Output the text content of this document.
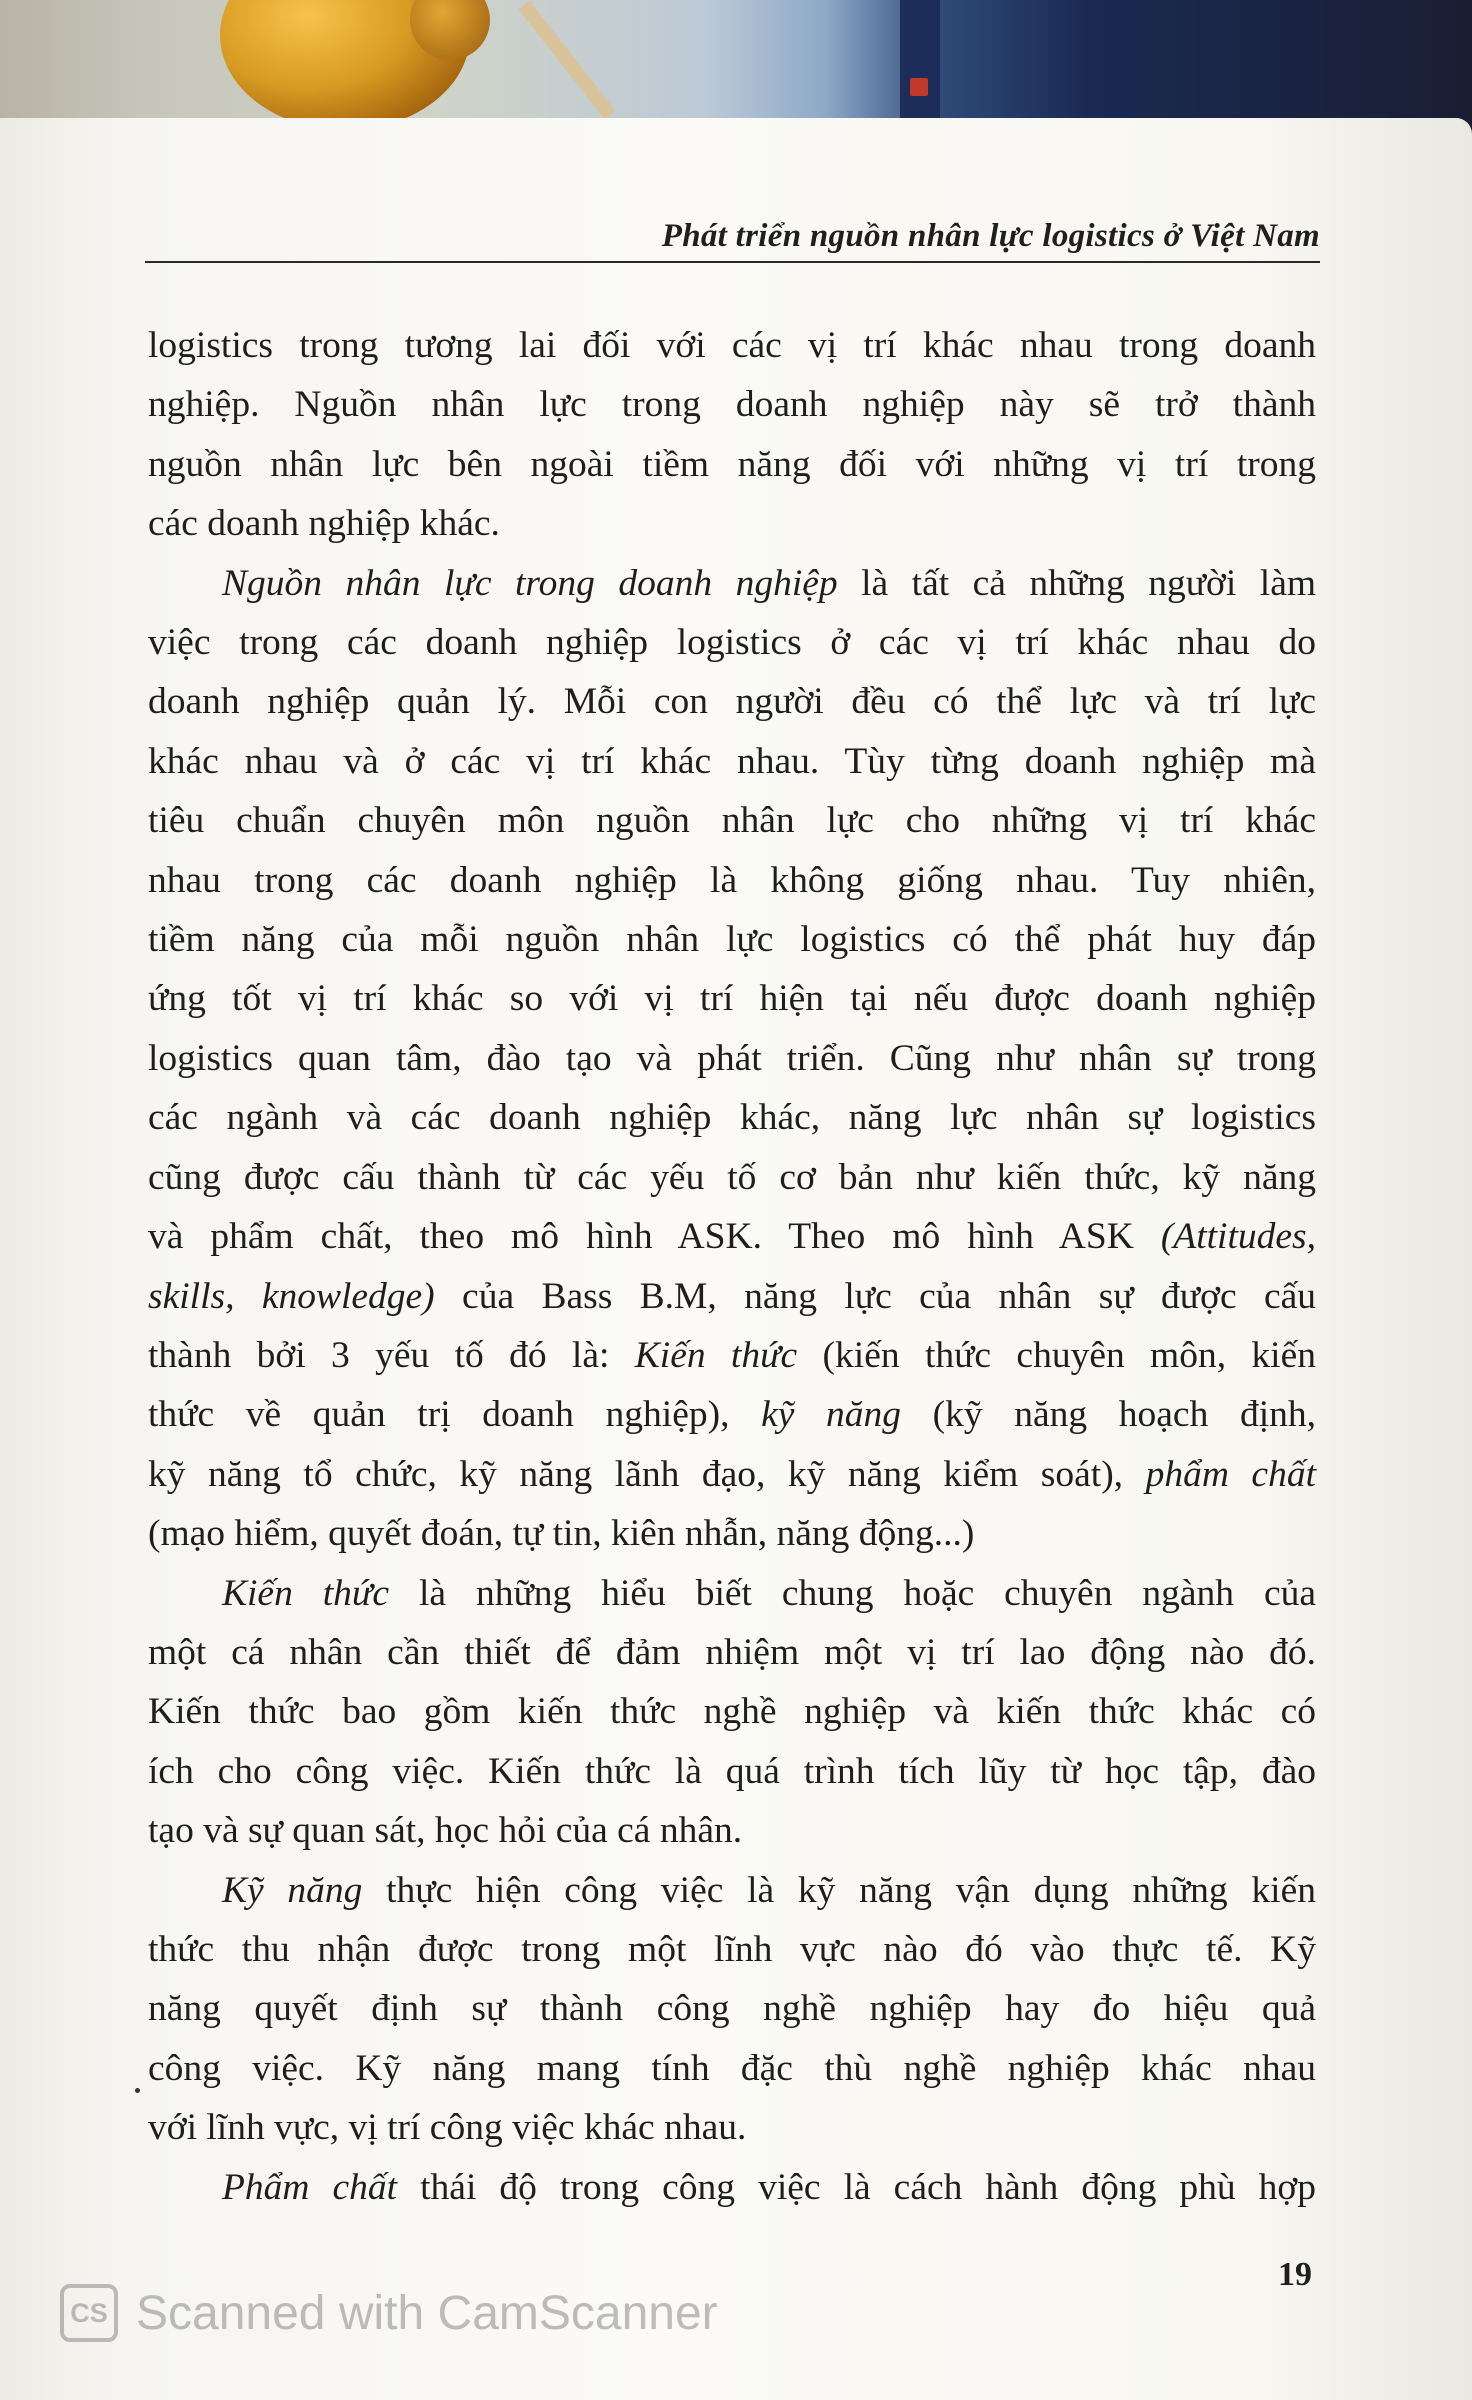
Phát triển nguồn nhân lực logistics ở Việt Nam
logistics trong tương lai đối với các vị trí khác nhau trong doanh
nghiệp. Nguồn nhân lực trong doanh nghiệp này sẽ trở thành
nguồn nhân lực bên ngoài tiềm năng đối với những vị trí trong
các doanh nghiệp khác.
Nguồn nhân lực trong doanh nghiệp là tất cả những người làm
việc trong các doanh nghiệp logistics ở các vị trí khác nhau do
doanh nghiệp quản lý. Mỗi con người đều có thể lực và trí lực
khác nhau và ở các vị trí khác nhau. Tùy từng doanh nghiệp mà
tiêu chuẩn chuyên môn nguồn nhân lực cho những vị trí khác
nhau trong các doanh nghiệp là không giống nhau. Tuy nhiên,
tiềm năng của mỗi nguồn nhân lực logistics có thể phát huy đáp
ứng tốt vị trí khác so với vị trí hiện tại nếu được doanh nghiệp
logistics quan tâm, đào tạo và phát triển. Cũng như nhân sự trong
các ngành và các doanh nghiệp khác, năng lực nhân sự logistics
cũng được cấu thành từ các yếu tố cơ bản như kiến thức, kỹ năng
và phẩm chất, theo mô hình ASK. Theo mô hình ASK (Attitudes,
skills, knowledge) của Bass B.M, năng lực của nhân sự được cấu
thành bởi 3 yếu tố đó là: Kiến thức (kiến thức chuyên môn, kiến
thức về quản trị doanh nghiệp), kỹ năng (kỹ năng hoạch định,
kỹ năng tổ chức, kỹ năng lãnh đạo, kỹ năng kiểm soát), phẩm chất
(mạo hiểm, quyết đoán, tự tin, kiên nhẫn, năng động...)
Kiến thức là những hiểu biết chung hoặc chuyên ngành của
một cá nhân cần thiết để đảm nhiệm một vị trí lao động nào đó.
Kiến thức bao gồm kiến thức nghề nghiệp và kiến thức khác có
ích cho công việc. Kiến thức là quá trình tích lũy từ học tập, đào
tạo và sự quan sát, học hỏi của cá nhân.
Kỹ năng thực hiện công việc là kỹ năng vận dụng những kiến
thức thu nhận được trong một lĩnh vực nào đó vào thực tế. Kỹ
năng quyết định sự thành công nghề nghiệp hay đo hiệu quả
công việc. Kỹ năng mang tính đặc thù nghề nghiệp khác nhau
với lĩnh vực, vị trí công việc khác nhau.
Phẩm chất thái độ trong công việc là cách hành động phù hợp
19
CS Scanned with CamScanner
